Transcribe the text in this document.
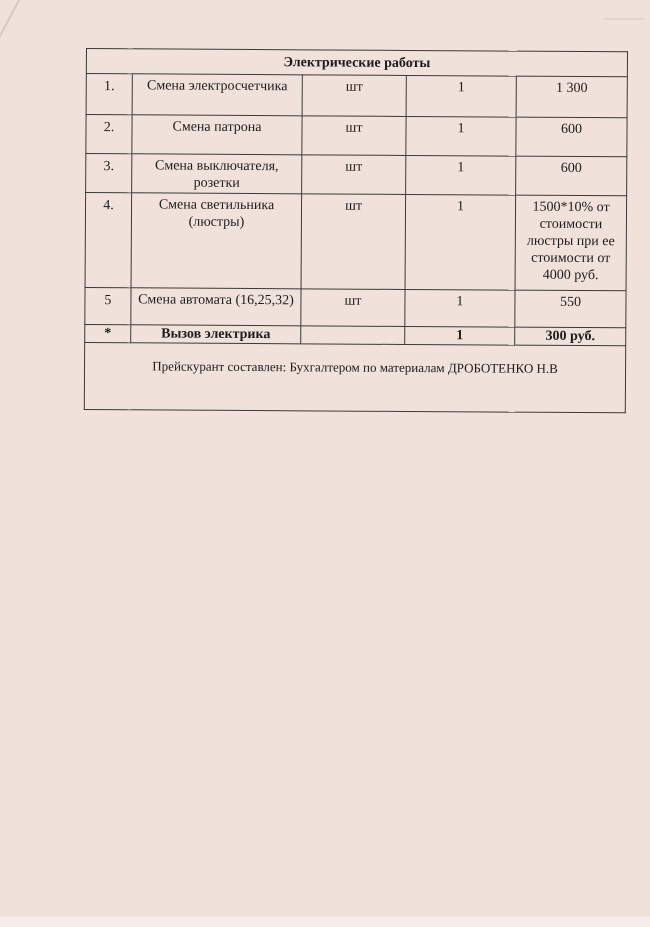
Электрические работы				
1.	Смена электросчетчика	шт	1	1 300
2.	Смена патрона	шт	1	600
3.	Смена выключателя, розетки	шт	1	600
4.	Смена светильника (люстры)	шт	1	1500*10% от стоимости люстры при ее стоимости от 4000 руб.
5	Смена автомата (16,25,32)	шт	1	550
*	Вызов электрика		1	300 руб.
Прейскурант составлен: Бухгалтером по материалам ДРОБОТЕНКО Н.В				
